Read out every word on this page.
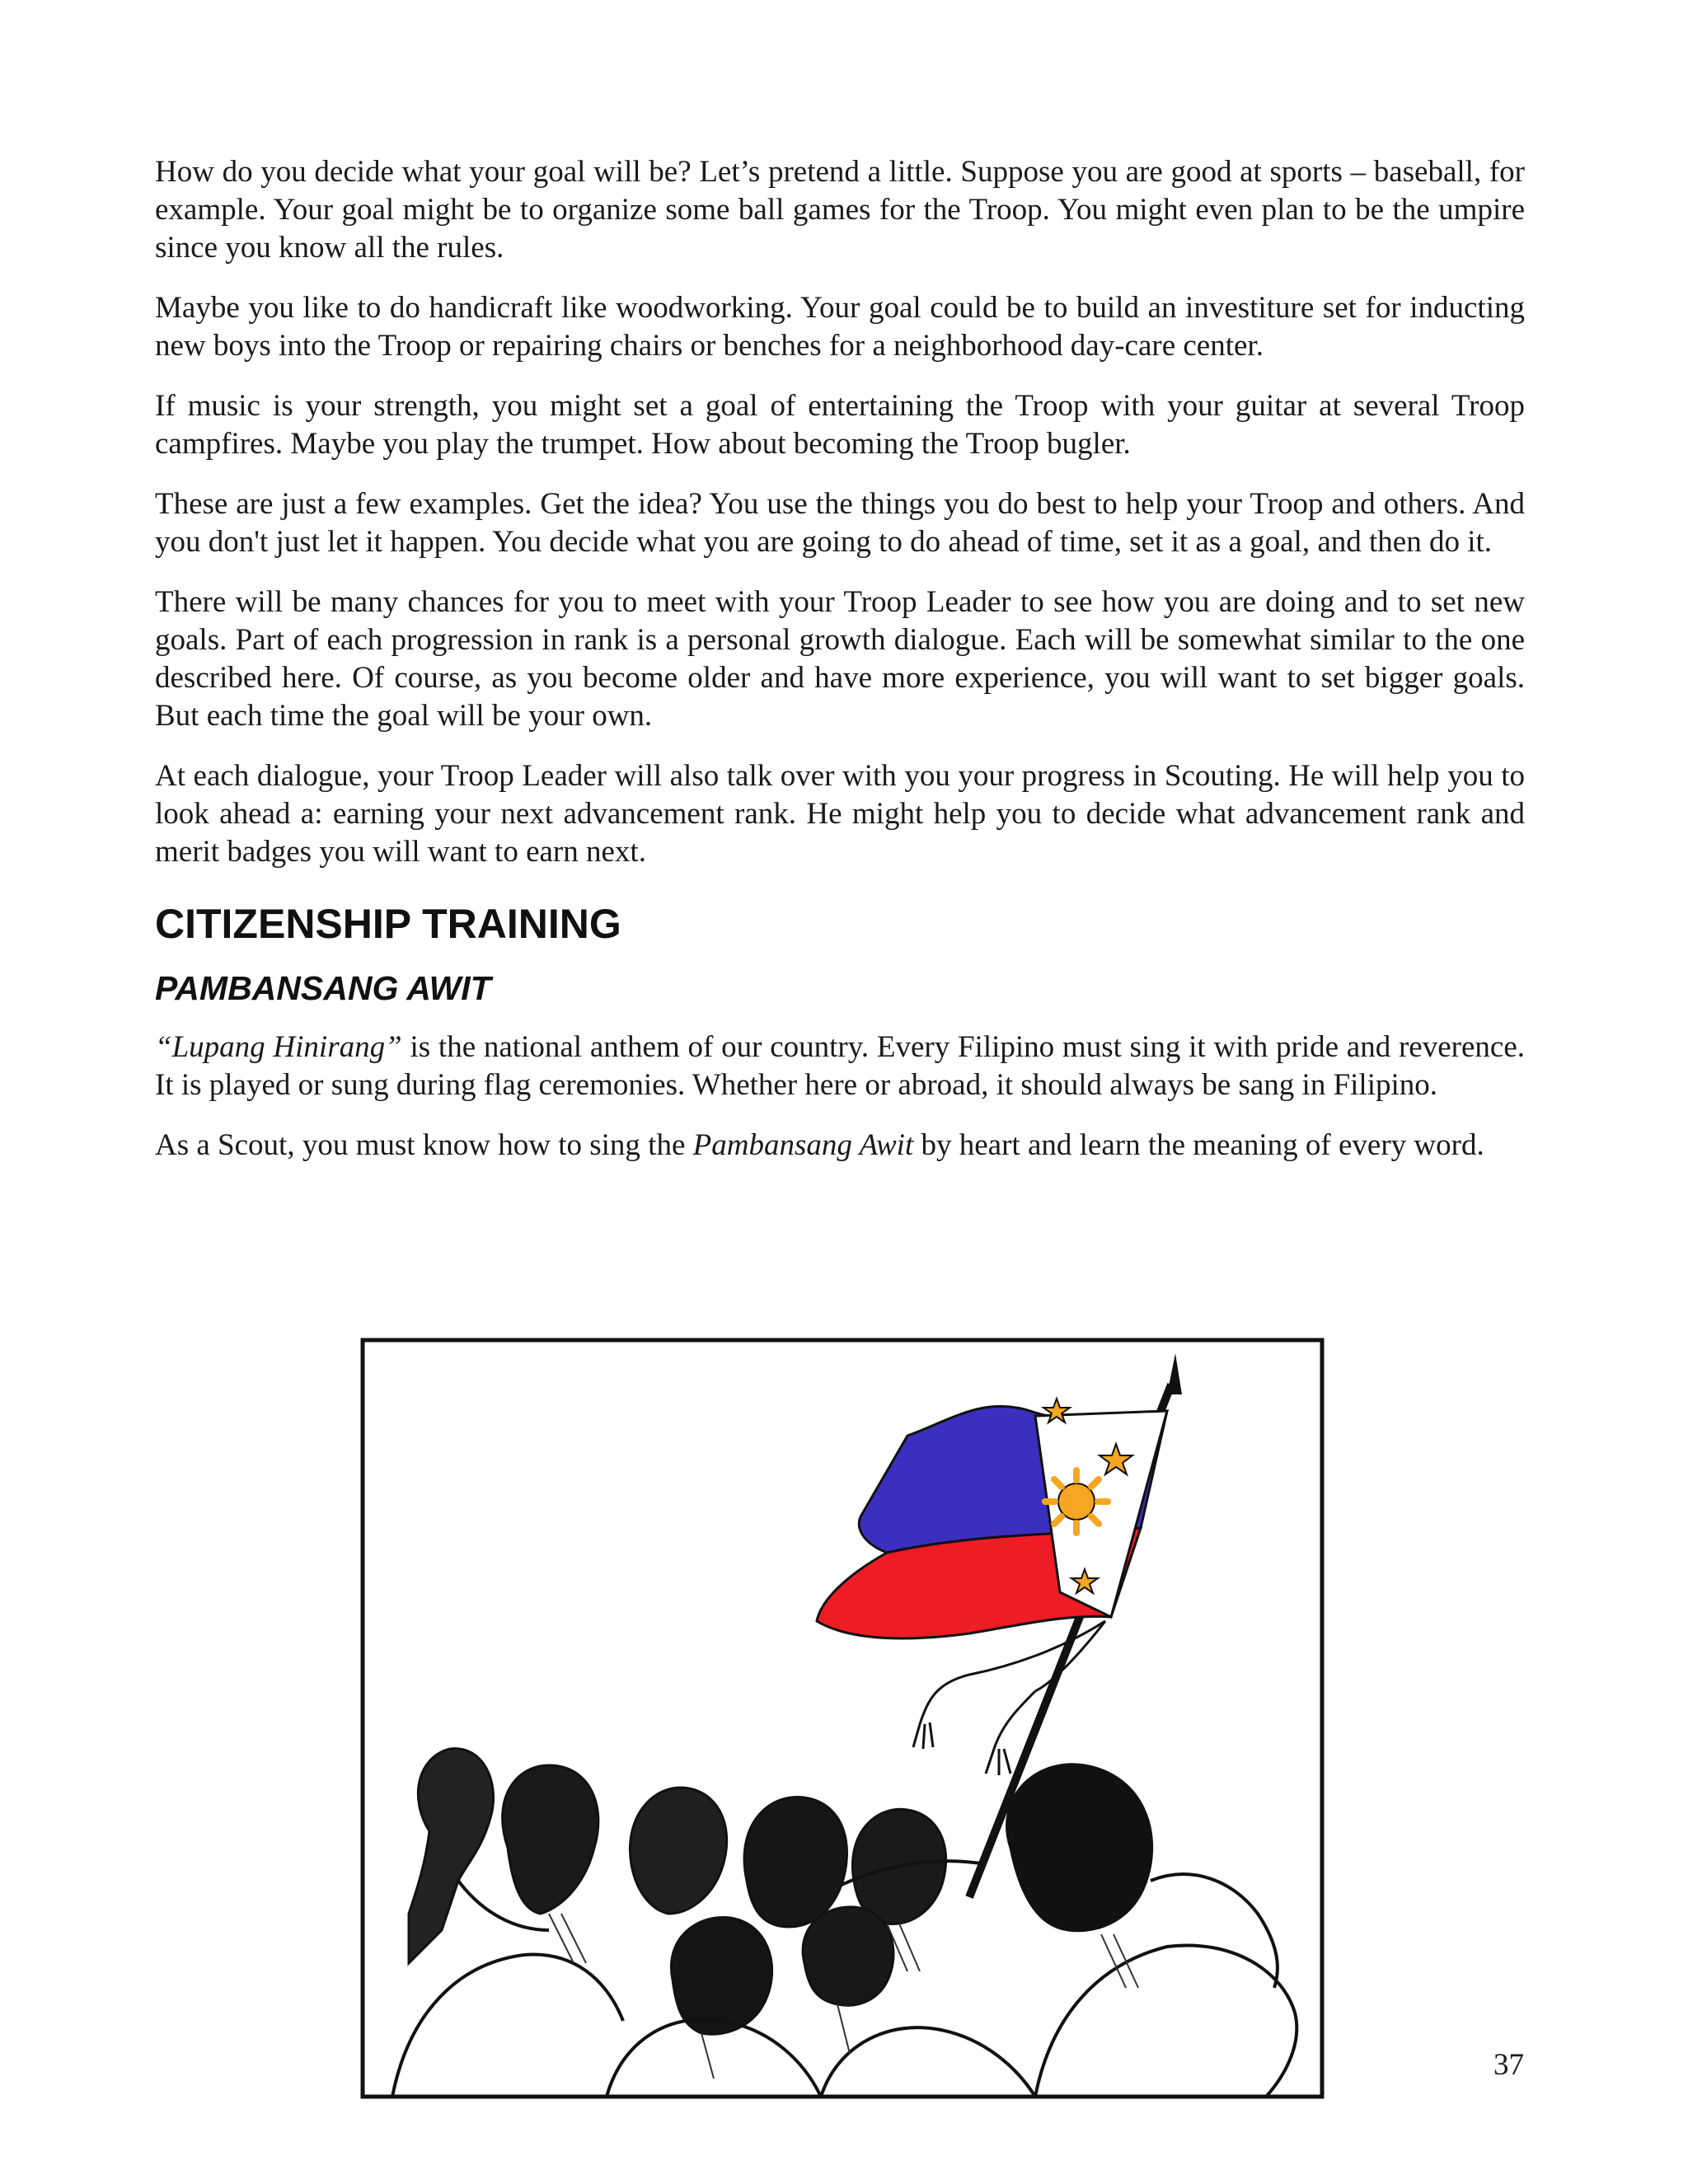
How do you decide what your goal will be? Let’s pretend a little. Suppose you are good at sports – baseball, for example. Your goal might be to organize some ball games for the Troop. You might even plan to be the umpire since you know all the rules.

Maybe you like to do handicraft like woodworking. Your goal could be to build an investiture set for inducting new boys into the Troop or repairing chairs or benches for a neighborhood day-care center.

If music is your strength, you might set a goal of entertaining the Troop with your guitar at several Troop campfires. Maybe you play the trumpet. How about becoming the Troop bugler.

These are just a few examples. Get the idea? You use the things you do best to help your Troop and others. And you don't just let it happen. You decide what you are going to do ahead of time, set it as a goal, and then do it.

There will be many chances for you to meet with your Troop Leader to see how you are doing and to set new goals. Part of each progression in rank is a personal growth dialogue. Each will be somewhat similar to the one described here. Of course, as you become older and have more experience, you will want to set bigger goals. But each time the goal will be your own.

At each dialogue, your Troop Leader will also talk over with you your progress in Scouting. He will help you to look ahead a: earning your next advancement rank. He might help you to decide what advancement rank and merit badges you will want to earn next.

CITIZENSHIP TRAINING
PAMBANSANG AWIT

“Lupang Hinirang” is the national anthem of our country. Every Filipino must sing it with pride and reverence. It is played or sung during flag ceremonies. Whether here or abroad, it should always be sang in Filipino.

As a Scout, you must know how to sing the Pambansang Awit by heart and learn the meaning of every word.

37
